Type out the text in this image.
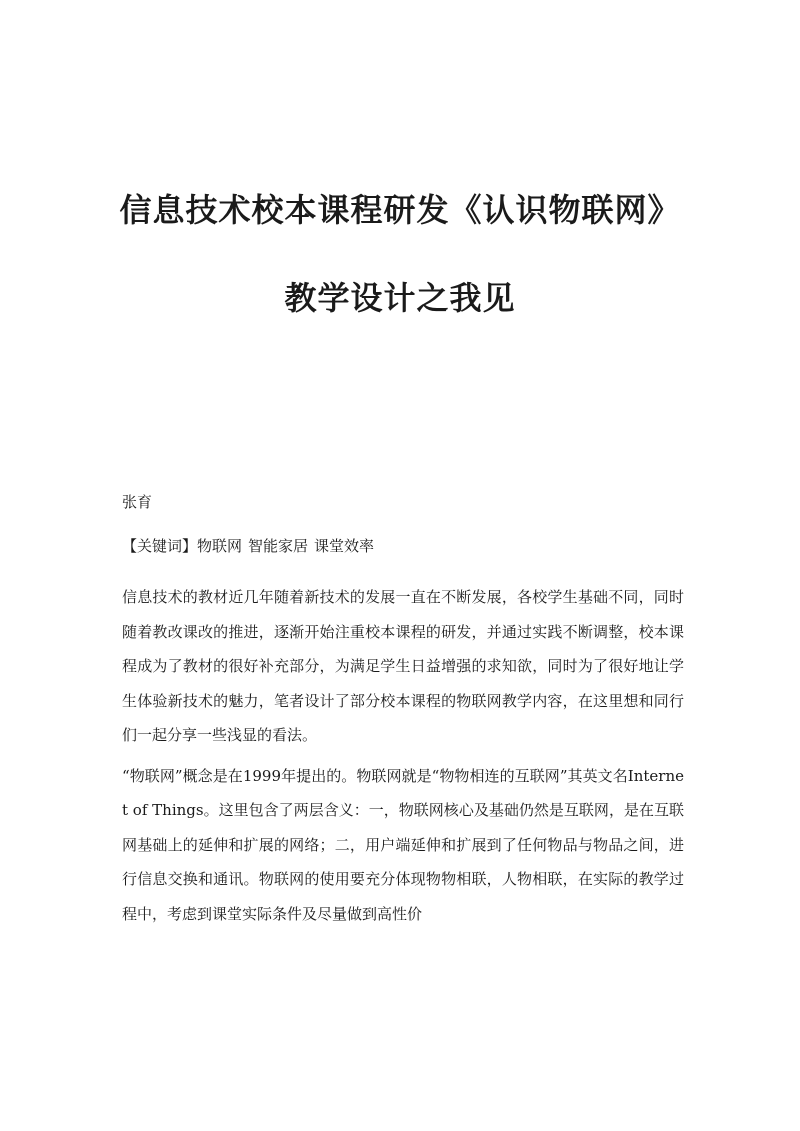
信息技术校本课程研发《认识物联网》

教学设计之我见

张育

【关键词】物联网 智能家居 课堂效率

信息技术的教材近几年随着新技术的发展一直在不断发展，各校学生基础不同，同时随着教改课改的推进，逐渐开始注重校本课程的研发，并通过实践不断调整，校本课程成为了教材的很好补充部分，为满足学生日益增强的求知欲，同时为了很好地让学生体验新技术的魅力，笔者设计了部分校本课程的物联网教学内容，在这里想和同行们一起分享一些浅显的看法。

“物联网”概念是在1999年提出的。物联网就是“物物相连的互联网”其英文名Internet of Things。这里包含了两层含义：一，物联网核心及基础仍然是互联网，是在互联网基础上的延伸和扩展的网络；二，用户端延伸和扩展到了任何物品与物品之间，进行信息交换和通讯。物联网的使用要充分体现物物相联，人物相联，在实际的教学过程中，考虑到课堂实际条件及尽量做到高性价
